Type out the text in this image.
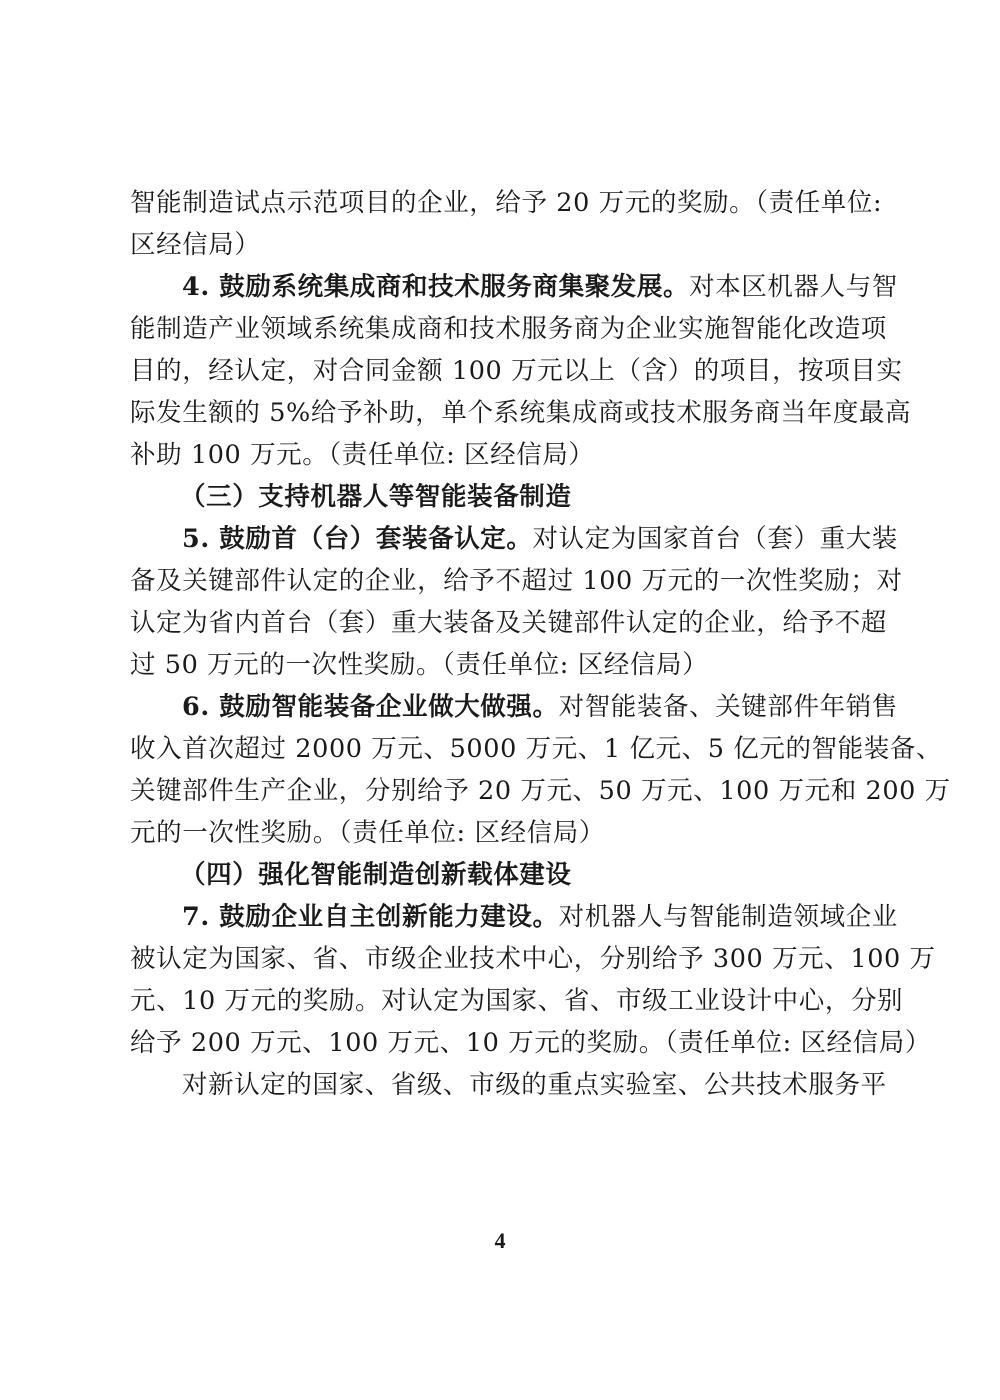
智能制造试点示范项目的企业，给予 20 万元的奖励。（责任单位:
区经信局）
4. 鼓励系统集成商和技术服务商集聚发展。对本区机器人与智
能制造产业领域系统集成商和技术服务商为企业实施智能化改造项
目的，经认定，对合同金额 100 万元以上（含）的项目，按项目实
际发生额的 5%给予补助，单个系统集成商或技术服务商当年度最高
补助 100 万元。（责任单位: 区经信局）
（三）支持机器人等智能装备制造
5. 鼓励首（台）套装备认定。对认定为国家首台（套）重大装
备及关键部件认定的企业，给予不超过 100 万元的一次性奖励；对
认定为省内首台（套）重大装备及关键部件认定的企业，给予不超
过 50 万元的一次性奖励。（责任单位: 区经信局）
6. 鼓励智能装备企业做大做强。对智能装备、关键部件年销售
收入首次超过 2000 万元、5000 万元、1 亿元、5 亿元的智能装备、
关键部件生产企业，分别给予 20 万元、50 万元、100 万元和 200 万
元的一次性奖励。（责任单位: 区经信局）
（四）强化智能制造创新载体建设
7. 鼓励企业自主创新能力建设。对机器人与智能制造领域企业
被认定为国家、省、市级企业技术中心，分别给予 300 万元、100 万
元、10 万元的奖励。对认定为国家、省、市级工业设计中心，分别
给予 200 万元、100 万元、10 万元的奖励。（责任单位: 区经信局）
对新认定的国家、省级、市级的重点实验室、公共技术服务平
4
